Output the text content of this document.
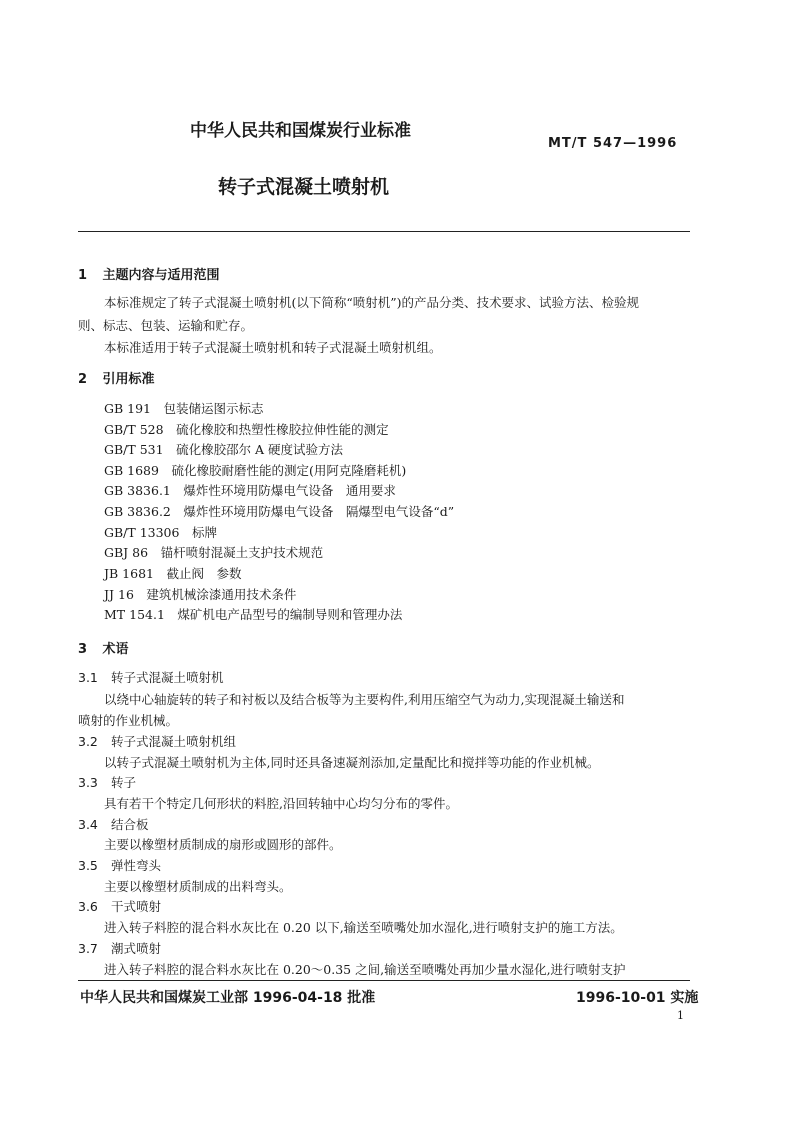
中华人民共和国煤炭行业标准
MT/T 547—1996
转子式混凝土喷射机
1 主题内容与适用范围
本标准规定了转子式混凝土喷射机(以下简称“喷射机”)的产品分类、技术要求、试验方法、检验规
则、标志、包装、运输和贮存。
本标准适用于转子式混凝土喷射机和转子式混凝土喷射机组。
2 引用标准
GB 191　 包装储运图示标志
GB/T 528　 硫化橡胶和热塑性橡胶拉伸性能的测定
GB/T 531　 硫化橡胶邵尔 A 硬度试验方法
GB 1689　 硫化橡胶耐磨性能的测定(用阿克隆磨耗机)
GB 3836.1　 爆炸性环境用防爆电气设备　通用要求
GB 3836.2　 爆炸性环境用防爆电气设备　隔爆型电气设备“d”
GB/T 13306　 标牌
GBJ 86　 锚杆喷射混凝土支护技术规范
JB 1681　 截止阀　参数
JJ 16　 建筑机械涂漆通用技术条件
MT 154.1　 煤矿机电产品型号的编制导则和管理办法
3 术语
3.1 转子式混凝土喷射机
以绕中心轴旋转的转子和衬板以及结合板等为主要构件,利用压缩空气为动力,实现混凝土输送和
喷射的作业机械。
3.2 转子式混凝土喷射机组
以转子式混凝土喷射机为主体,同时还具备速凝剂添加,定量配比和搅拌等功能的作业机械。
3.3 转子
具有若干个特定几何形状的料腔,沿回转轴中心均匀分布的零件。
3.4 结合板
主要以橡塑材质制成的扇形或圆形的部件。
3.5 弹性弯头
主要以橡塑材质制成的出料弯头。
3.6 干式喷射
进入转子料腔的混合料水灰比在 0.20 以下,输送至喷嘴处加水湿化,进行喷射支护的施工方法。
3.7 潮式喷射
进入转子料腔的混合料水灰比在 0.20～0.35 之间,输送至喷嘴处再加少量水湿化,进行喷射支护
中华人民共和国煤炭工业部 1996-04-18 批准	1996-10-01 实施
1
